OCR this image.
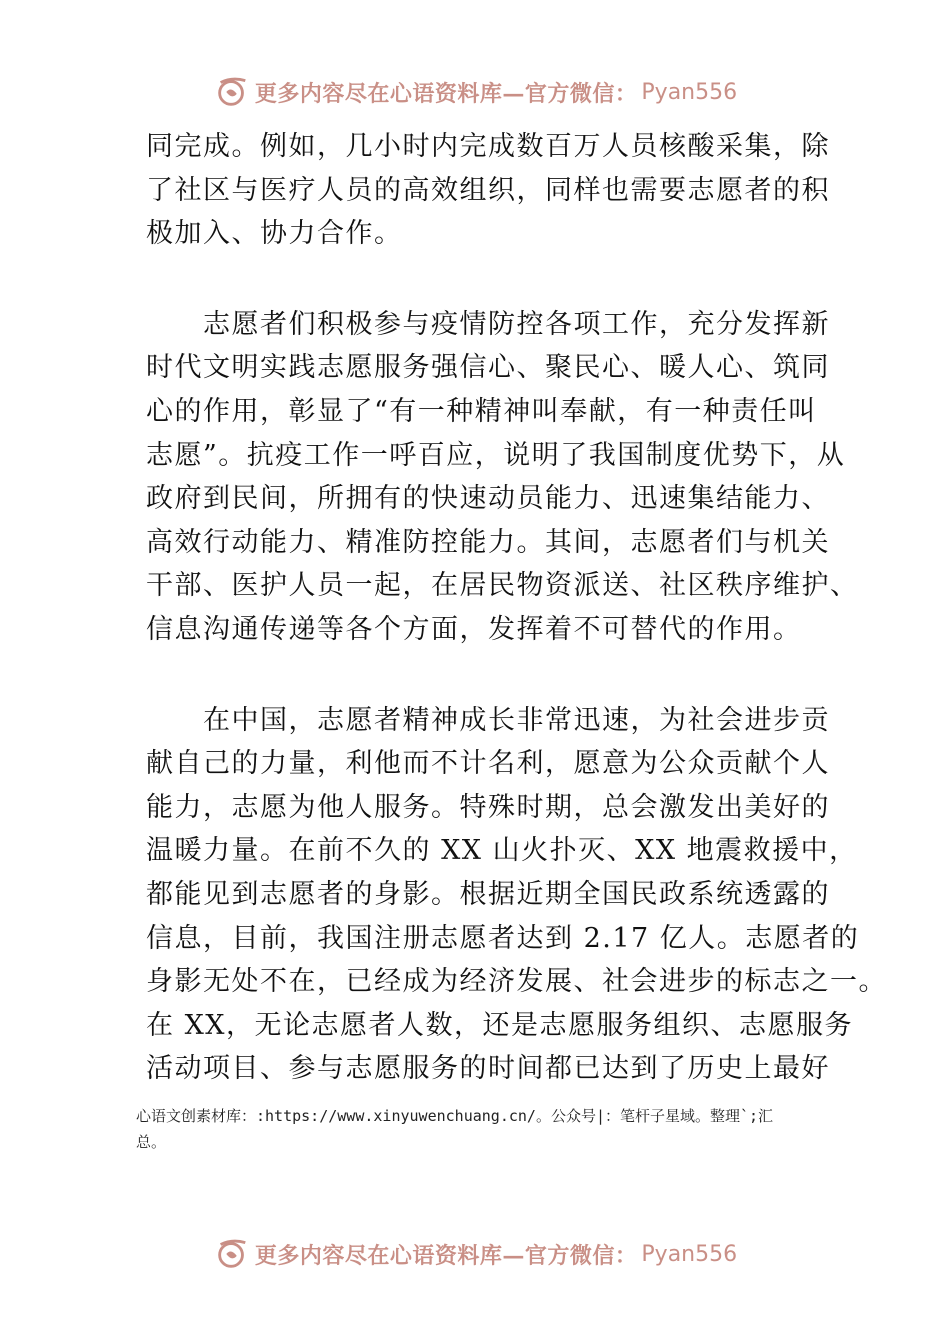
更多内容尽在心语资料库—官方微信： Pyan556
同完成。例如，几小时内完成数百万人员核酸采集，除
了社区与医疗人员的高效组织，同样也需要志愿者的积
极加入、协力合作。
　　志愿者们积极参与疫情防控各项工作，充分发挥新
时代文明实践志愿服务强信心、聚民心、暖人心、筑同
心的作用，彰显了“有一种精神叫奉献，有一种责任叫
志愿”。抗疫工作一呼百应，说明了我国制度优势下，从
政府到民间，所拥有的快速动员能力、迅速集结能力、
高效行动能力、精准防控能力。其间，志愿者们与机关
干部、医护人员一起，在居民物资派送、社区秩序维护、
信息沟通传递等各个方面，发挥着不可替代的作用。
　　在中国，志愿者精神成长非常迅速，为社会进步贡
献自己的力量，利他而不计名利，愿意为公众贡献个人
能力，志愿为他人服务。特殊时期，总会激发出美好的
温暖力量。在前不久的 XX 山火扑灭、XX 地震救援中，
都能见到志愿者的身影。根据近期全国民政系统透露的
信息，目前，我国注册志愿者达到 2.17 亿人。志愿者的
身影无处不在，已经成为经济发展、社会进步的标志之一。
在 XX，无论志愿者人数，还是志愿服务组织、志愿服务
活动项目、参与志愿服务的时间都已达到了历史上最好
心语文创素材库：:https://www.xinyuwenchuang.cn/。公众号|：笔杆子星域。整理`;汇
总。
更多内容尽在心语资料库—官方微信： Pyan556
